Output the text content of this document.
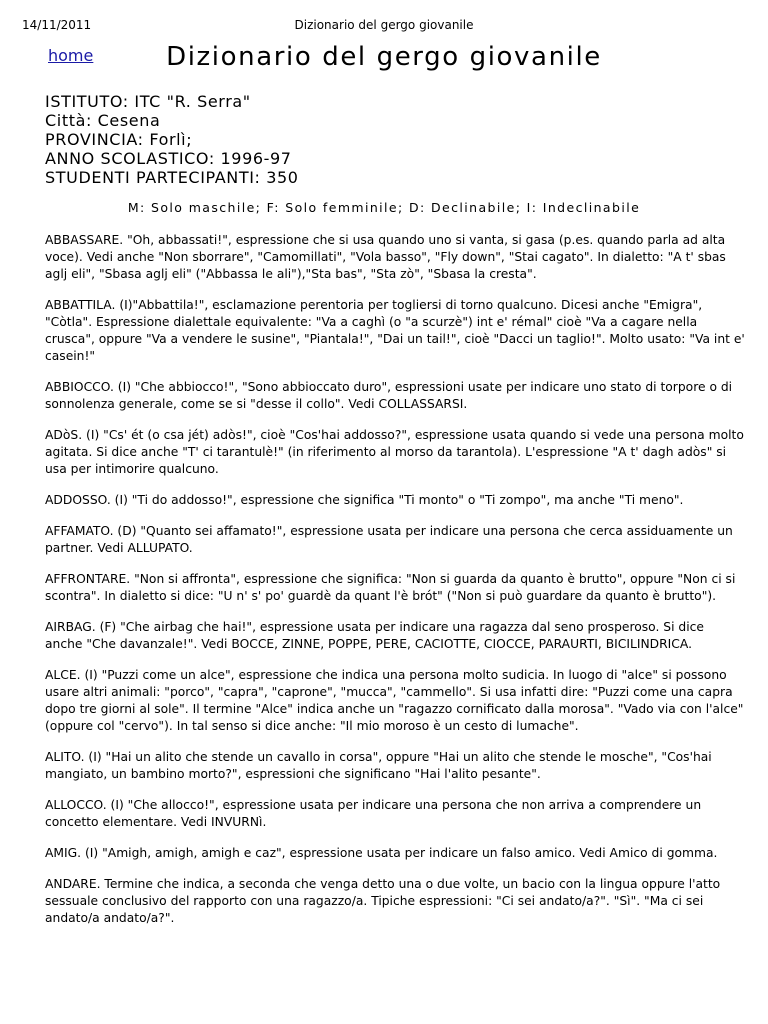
14/11/2011	Dizionario del gergo giovanile
home	Dizionario del gergo giovanile
ISTITUTO: ITC "R. Serra"
Città: Cesena
PROVINCIA: Forlì;
ANNO SCOLASTICO: 1996-97
STUDENTI PARTECIPANTI: 350
M: Solo maschile; F: Solo femminile; D: Declinabile; I: Indeclinabile

ABBASSARE. "Oh, abbassati!", espressione che si usa quando uno si vanta, si gasa (p.es. quando parla ad alta voce). Vedi anche "Non sborrare", "Camomillati", "Vola basso", "Fly down", "Stai cagato". In dialetto: "A t' sbas aglj eli", "Sbasa aglj eli" ("Abbassa le ali"),"Sta bas", "Sta zò", "Sbasa la cresta".

ABBATTILA. (I)"Abbattila!", esclamazione perentoria per togliersi di torno qualcuno. Dicesi anche "Emigra", "Còtla". Espressione dialettale equivalente: "Va a caghì (o "a scurzè") int e' rémal" cioè "Va a cagare nella crusca", oppure "Va a vendere le susine", "Piantala!", "Dai un tail!", cioè "Dacci un taglio!". Molto usato: "Va int e' casein!"

ABBIOCCO. (I) "Che abbiocco!", "Sono abbioccato duro", espressioni usate per indicare uno stato di torpore o di sonnolenza generale, come se si "desse il collo". Vedi COLLASSARSI.

ADòS. (I) "Cs' ét (o csa jét) adòs!", cioè "Cos'hai addosso?", espressione usata quando si vede una persona molto agitata. Si dice anche "T' ci tarantulè!" (in riferimento al morso da tarantola). L'espressione "A t' dagh adòs" si usa per intimorire qualcuno.

ADDOSSO. (I) "Ti do addosso!", espressione che significa "Ti monto" o "Ti zompo", ma anche "Ti meno".

AFFAMATO. (D) "Quanto sei affamato!", espressione usata per indicare una persona che cerca assiduamente un partner. Vedi ALLUPATO.

AFFRONTARE. "Non si affronta", espressione che significa: "Non si guarda da quanto è brutto", oppure "Non ci si scontra". In dialetto si dice: "U n' s' po' guardè da quant l'è brót" ("Non si può guardare da quanto è brutto").

AIRBAG. (F) "Che airbag che hai!", espressione usata per indicare una ragazza dal seno prosperoso. Si dice anche "Che davanzale!". Vedi BOCCE, ZINNE, POPPE, PERE, CACIOTTE, CIOCCE, PARAURTI, BICILINDRICA.

ALCE. (I) "Puzzi come un alce", espressione che indica una persona molto sudicia. In luogo di "alce" si possono usare altri animali: "porco", "capra", "caprone", "mucca", "cammello". Si usa infatti dire: "Puzzi come una capra dopo tre giorni al sole". Il termine "Alce" indica anche un "ragazzo cornificato dalla morosa". "Vado via con l'alce" (oppure col "cervo"). In tal senso si dice anche: "Il mio moroso è un cesto di lumache".

ALITO. (I) "Hai un alito che stende un cavallo in corsa", oppure "Hai un alito che stende le mosche", "Cos'hai mangiato, un bambino morto?", espressioni che significano "Hai l'alito pesante".

ALLOCCO. (I) "Che allocco!", espressione usata per indicare una persona che non arriva a comprendere un concetto elementare. Vedi INVURNì.

AMIG. (I) "Amigh, amigh, amigh e caz", espressione usata per indicare un falso amico. Vedi Amico di gomma.

ANDARE. Termine che indica, a seconda che venga detto una o due volte, un bacio con la lingua oppure l'atto sessuale conclusivo del rapporto con una ragazzo/a. Tipiche espressioni: "Ci sei andato/a?". "Sì". "Ma ci sei andato/a andato/a?".
